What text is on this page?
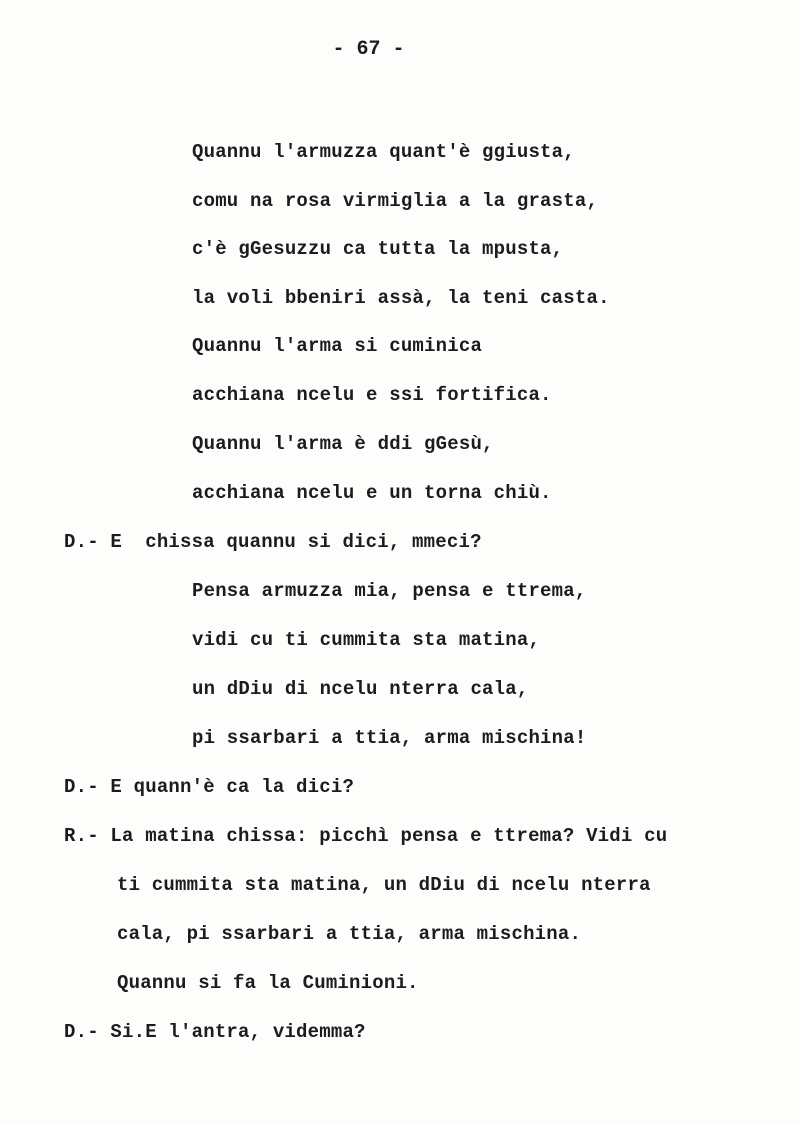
- 67 -
Quannu l'armuzza quant'è ggiusta,
comu na rosa virmiglia a la grasta,
c'è gGesuzzu ca tutta la mpusta,
la voli bbeniri assà, la teni casta.
Quannu l'arma si cuminica
acchiana ncelu e ssi fortifica.
Quannu l'arma è ddi gGesù,
acchiana ncelu e un torna chiù.
D.- E  chissa quannu si dici, mmeci?
Pensa armuzza mia, pensa e ttrema,
vidi cu ti cummita sta matina,
un dDiu di ncelu nterra cala,
pi ssarbari a ttia, arma mischina!
D.- E quann'è ca la dici?
R.- La matina chissa: picchì pensa e ttrema? Vidi cu
ti cummita sta matina, un dDiu di ncelu nterra
cala, pi ssarbari a ttia, arma mischina.
Quannu si fa la Cuminioni.
D.- Si.E l'antra, videmma?
